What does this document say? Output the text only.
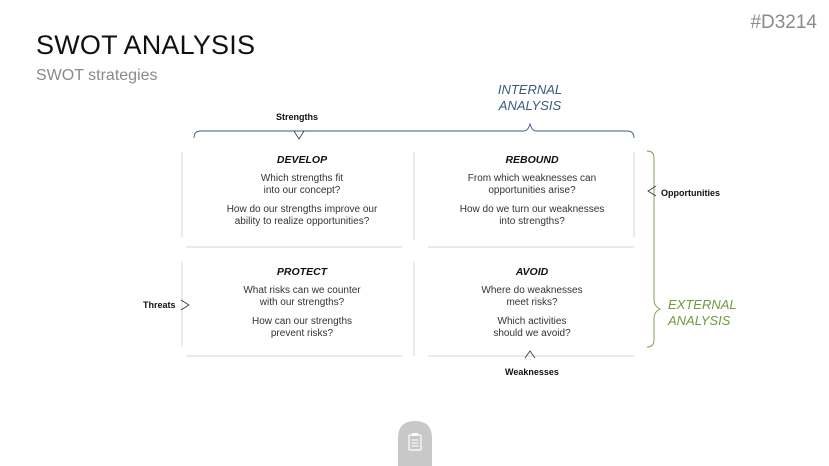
#D3214
SWOT ANALYSIS
SWOT strategies
INTERNAL
ANALYSIS
EXTERNAL
ANALYSIS
Strengths
Opportunities
Threats
Weaknesses
DEVELOP
Which strengths fit
into our concept?
How do our strengths improve our
ability to realize opportunities?
REBOUND
From which weaknesses can
opportunities arise?
How do we turn our weaknesses
into strengths?
PROTECT
What risks can we counter
with our strengths?
How can our strengths
prevent risks?
AVOID
Where do weaknesses
meet risks?
Which activities
should we avoid?
